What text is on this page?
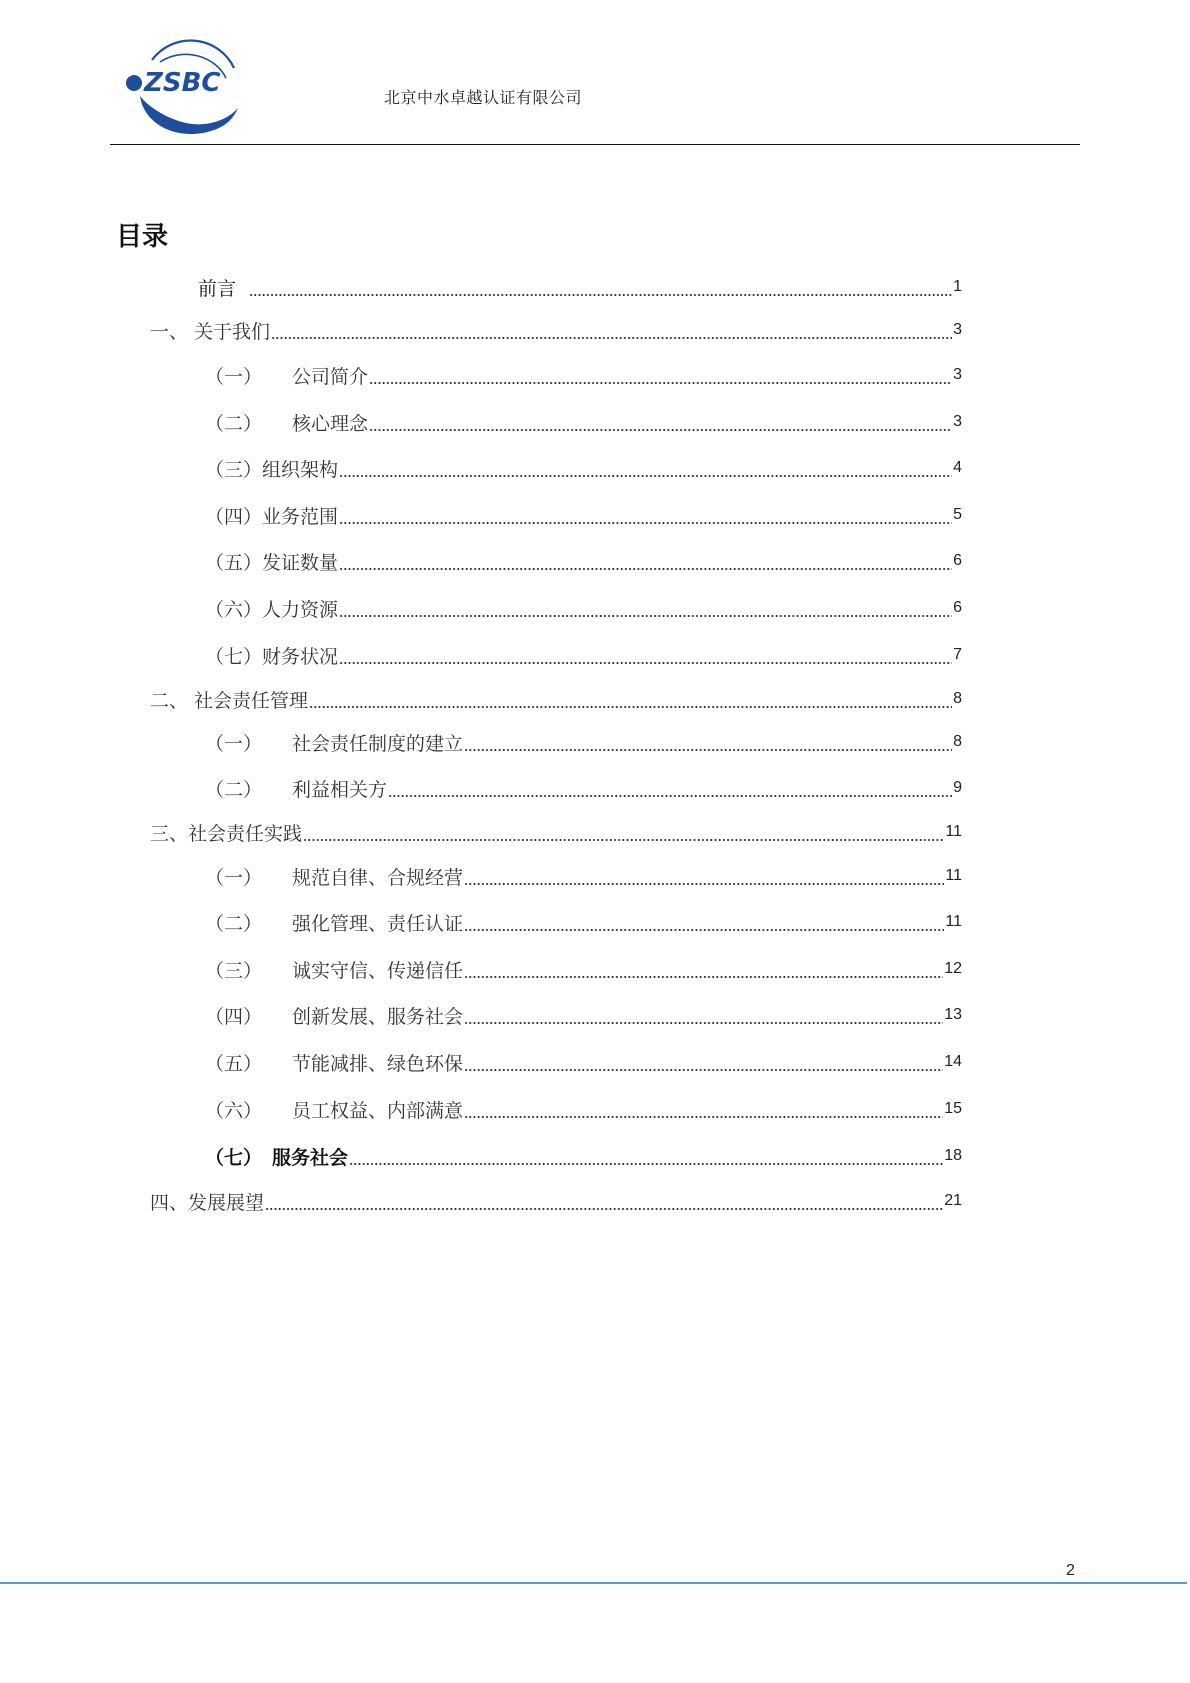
ZSBC	北京中水卓越认证有限公司
目录
前言	1
一、 关于我们	3
（一） 公司简介	3
（二） 核心理念	3
（三） 组织架构	4
（四） 业务范围	5
（五） 发证数量	6
（六） 人力资源	6
（七） 财务状况	7
二、 社会责任管理	8
（一） 社会责任制度的建立	8
（二） 利益相关方	9
三、 社会责任实践	11
（一） 规范自律、合规经营	11
（二） 强化管理、责任认证	11
（三） 诚实守信、传递信任	12
（四） 创新发展、服务社会	13
（五） 节能减排、绿色环保	14
（六） 员工权益、内部满意	15
（七） 服务社会	18
四、 发展展望	21
2
